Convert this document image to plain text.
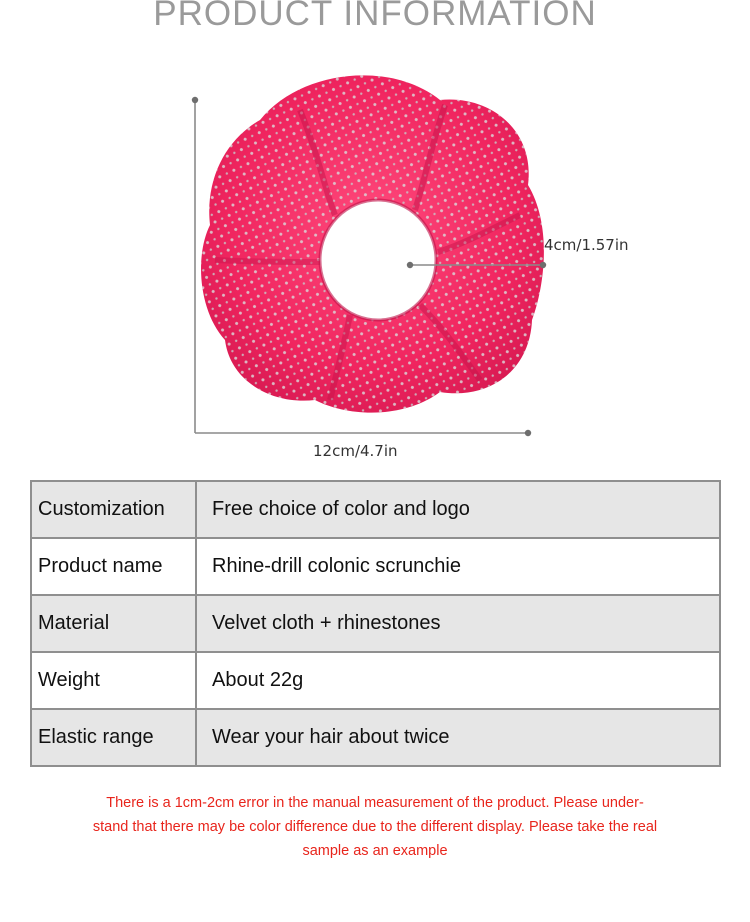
PRODUCT INFORMATION
12cm/4.7in
4cm/1.57in
Customization	Free choice of color and logo
Product name	Rhine-drill colonic scrunchie
Material	Velvet cloth + rhinestones
Weight	About 22g
Elastic range	Wear your hair about twice
There is a 1cm-2cm error in the manual measurement of the product. Please under-
stand that there may be color difference due to the different display. Please take the real
sample as an example
